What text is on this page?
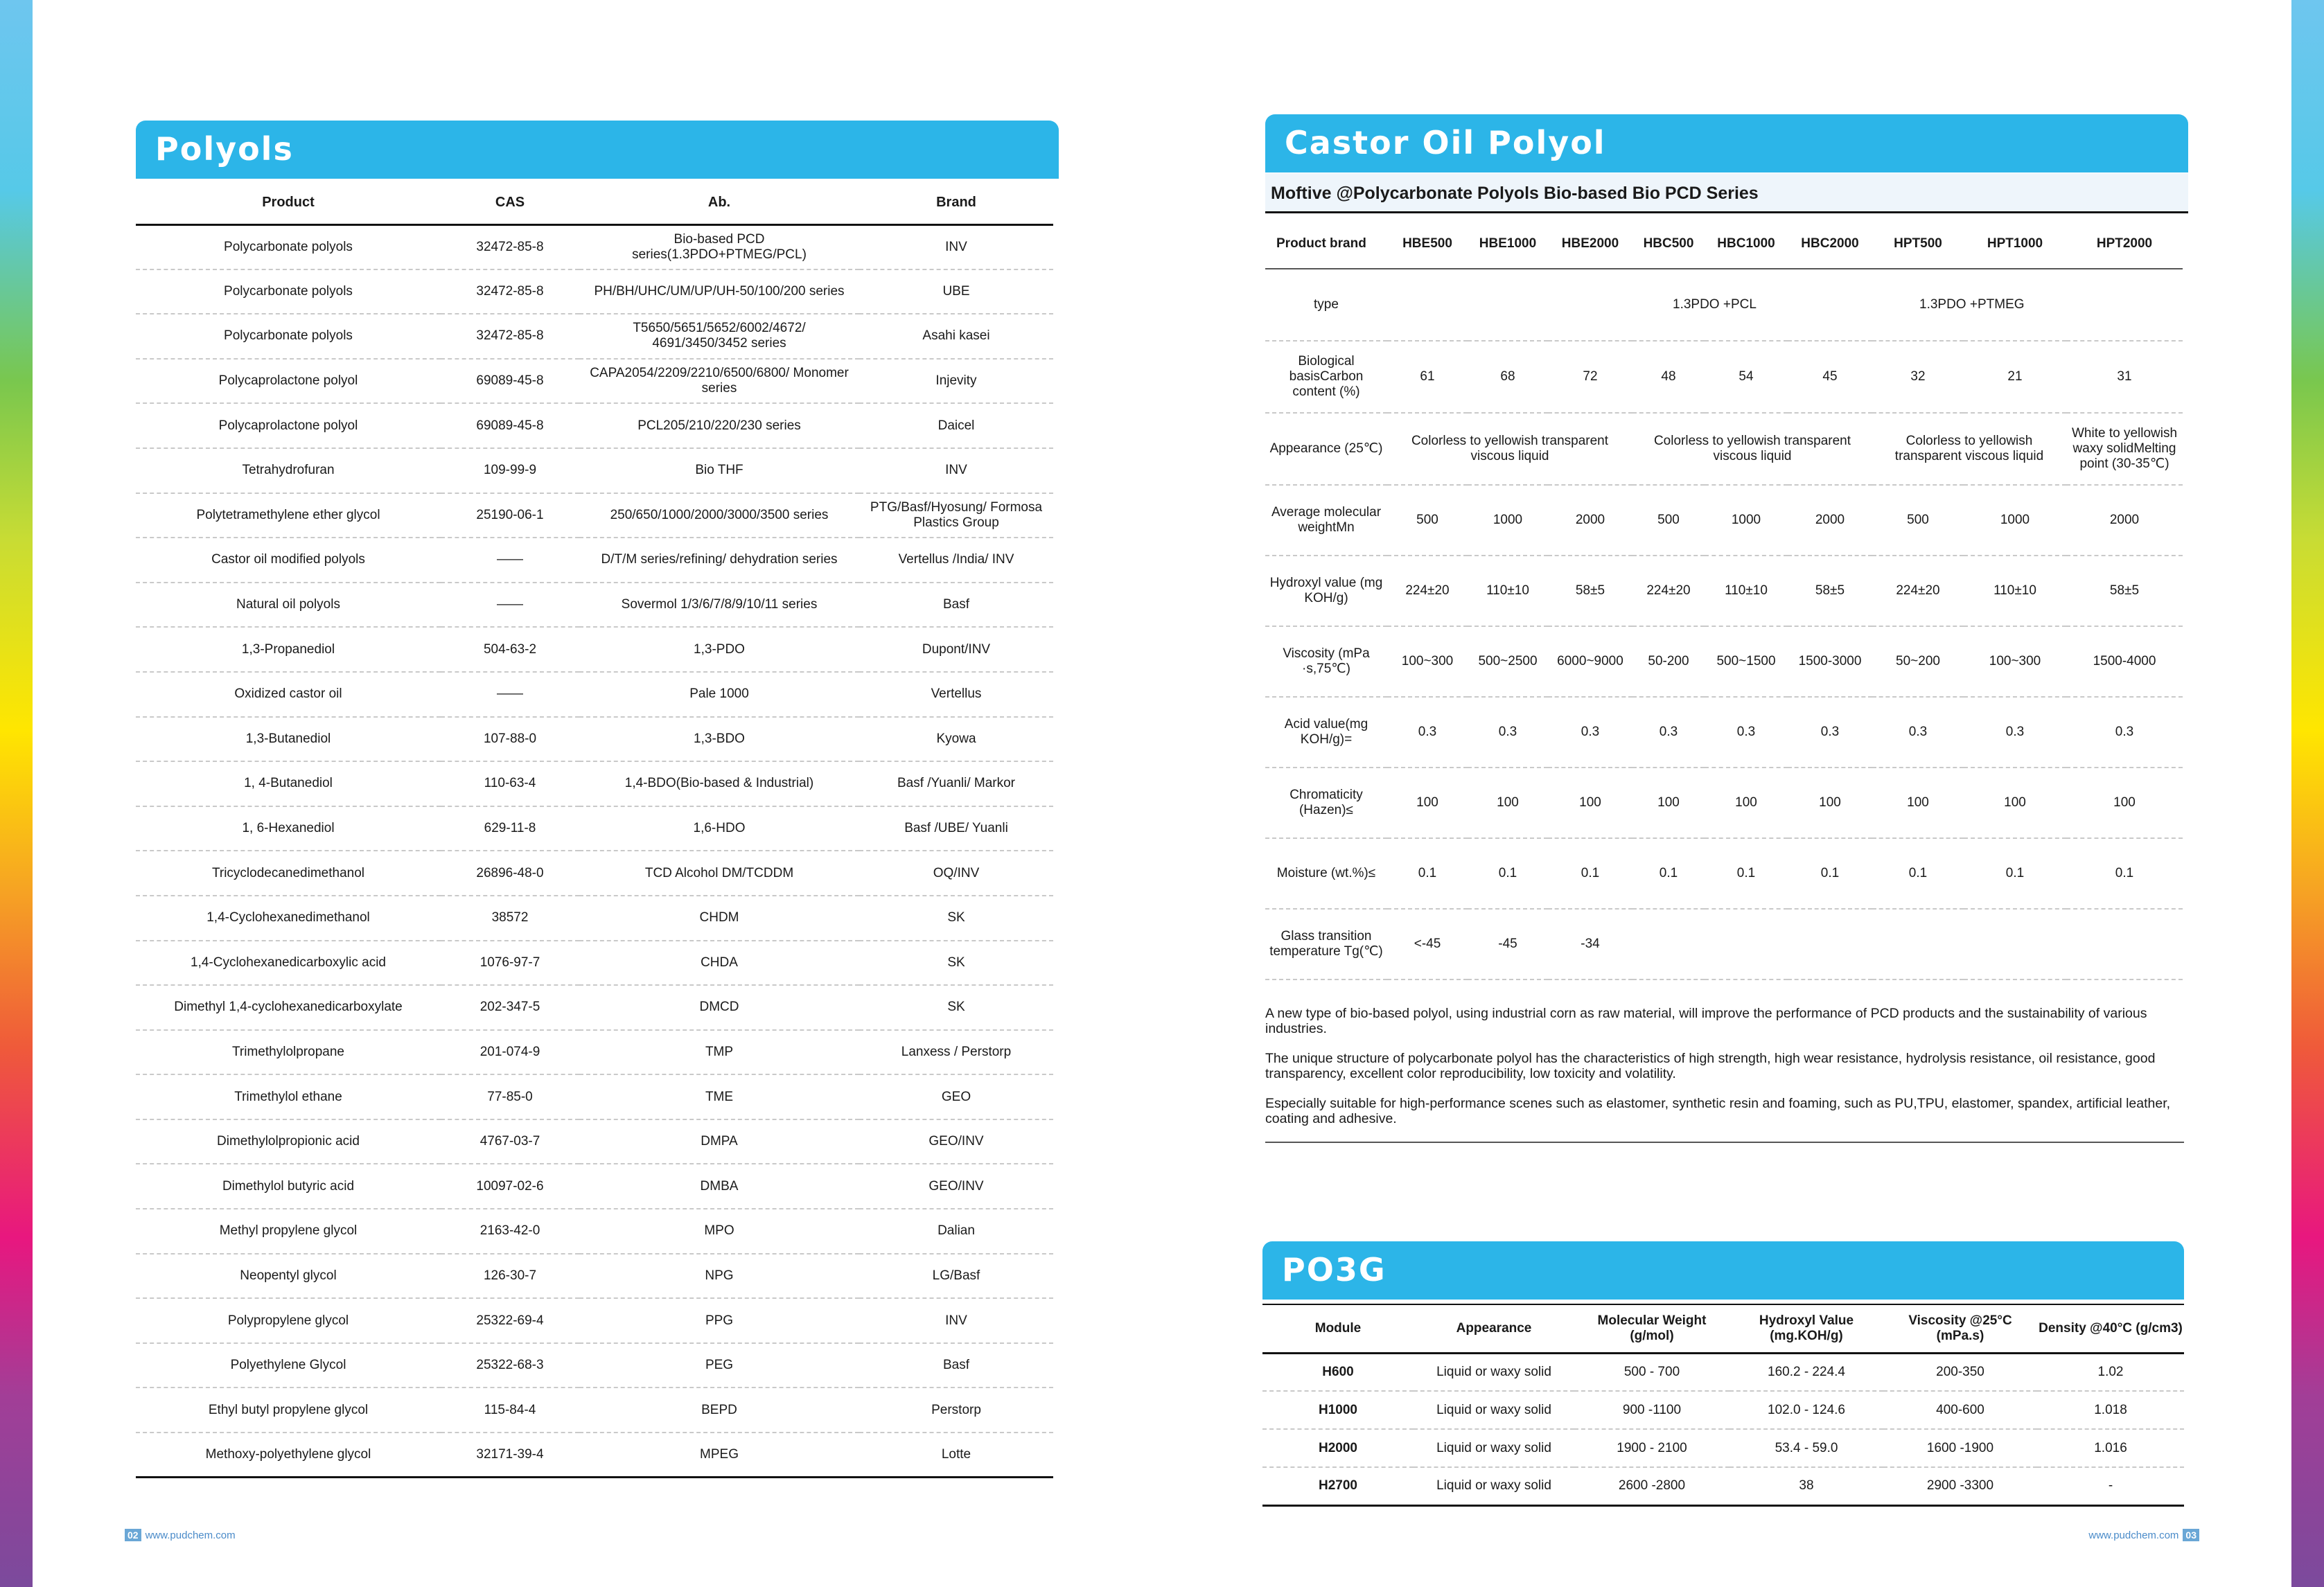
Polyols
Product	CAS	Ab.	Brand
Polycarbonate polyols	32472-85-8	Bio-based PCD series(1.3PDO+PTMEG/PCL)	INV
Polycarbonate polyols	32472-85-8	PH/BH/UHC/UM/UP/UH-50/100/200 series	UBE
Polycarbonate polyols	32472-85-8	T5650/5651/5652/6002/4672/ 4691/3450/3452 series	Asahi kasei
Polycaprolactone polyol	69089-45-8	CAPA2054/2209/2210/6500/6800/ Monomer series	Injevity
Polycaprolactone polyol	69089-45-8	PCL205/210/220/230 series	Daicel
Tetrahydrofuran	109-99-9	Bio THF	INV
Polytetramethylene ether glycol	25190-06-1	250/650/1000/2000/3000/3500 series	PTG/Basf/Hyosung/ Formosa Plastics Group
Castor oil modified polyols	——	D/T/M series/refining/ dehydration series	Vertellus /India/ INV
Natural oil polyols	——	Sovermol 1/3/6/7/8/9/10/11 series	Basf
1,3-Propanediol	504-63-2	1,3-PDO	Dupont/INV
Oxidized castor oil	——	Pale 1000	Vertellus
1,3-Butanediol	107-88-0	1,3-BDO	Kyowa
1, 4-Butanediol	110-63-4	1,4-BDO(Bio-based & Industrial)	Basf /Yuanli/ Markor
1, 6-Hexanediol	629-11-8	1,6-HDO	Basf /UBE/ Yuanli
Tricyclodecanedimethanol	26896-48-0	TCD Alcohol DM/TCDDM	OQ/INV
1,4-Cyclohexanedimethanol	38572	CHDM	SK
1,4-Cyclohexanedicarboxylic acid	1076-97-7	CHDA	SK
Dimethyl 1,4-cyclohexanedicarboxylate	202-347-5	DMCD	SK
Trimethylolpropane	201-074-9	TMP	Lanxess / Perstorp
Trimethylol ethane	77-85-0	TME	GEO
Dimethylolpropionic acid	4767-03-7	DMPA	GEO/INV
Dimethylol butyric acid	10097-02-6	DMBA	GEO/INV
Methyl propylene glycol	2163-42-0	MPO	Dalian
Neopentyl glycol	126-30-7	NPG	LG/Basf
Polypropylene glycol	25322-69-4	PPG	INV
Polyethylene Glycol	25322-68-3	PEG	Basf
Ethyl butyl propylene glycol	115-84-4	BEPD	Perstorp
Methoxy-polyethylene glycol	32171-39-4	MPEG	Lotte
Castor Oil Polyol
Moftive @Polycarbonate Polyols Bio-based Bio PCD Series
Product brand	HBE500	HBE1000	HBE2000	HBC500	HBC1000	HBC2000	HPT500	HPT1000	HPT2000
type				1.3PDO +PCL			1.3PDO +PTMEG		
Biological basisCarbon content (%)	61	68	72	48	54	45	32	21	31
Appearance (25℃)	Colorless to yellowish transparent viscous liquid			Colorless to yellowish transparent viscous liquid			Colorless to yellowish transparent viscous liquid		White to yellowish waxy solidMelting point (30-35℃)
Average molecular weightMn	500	1000	2000	500	1000	2000	500	1000	2000
Hydroxyl value (mg KOH/g)	224±20	110±10	58±5	224±20	110±10	58±5	224±20	110±10	58±5
Viscosity (mPa ·s,75℃)	100~300	500~2500	6000~9000	50-200	500~1500	1500-3000	50~200	100~300	1500-4000
Acid value(mg KOH/g)=	0.3	0.3	0.3	0.3	0.3	0.3	0.3	0.3	0.3
Chromaticity (Hazen)≤	100	100	100	100	100	100	100	100	100
Moisture (wt.%)≤	0.1	0.1	0.1	0.1	0.1	0.1	0.1	0.1	0.1
Glass transition temperature Tg(℃)	<-45	-45	-34						

A new type of bio-based polyol, using industrial corn as raw material, will improve the performance of PCD products and the sustainability of various industries.

The unique structure of polycarbonate polyol has the characteristics of high strength, high wear resistance, hydrolysis resistance, oil resistance, good transparency, excellent color reproducibility, low toxicity and volatility.

Especially suitable for high-performance scenes such as elastomer, synthetic resin and foaming, such as PU,TPU, elastomer, spandex, artificial leather, coating and adhesive.

PO3G
Module	Appearance	Molecular Weight (g/mol)	Hydroxyl Value (mg.KOH/g)	Viscosity @25°C (mPa.s)	Density @40°C (g/cm3)
H600	Liquid or waxy solid	500 - 700	160.2 - 224.4	200-350	1.02
H1000	Liquid or waxy solid	900 -1100	102.0 - 124.6	400-600	1.018
H2000	Liquid or waxy solid	1900 - 2100	53.4 - 59.0	1600 -1900	1.016
H2700	Liquid or waxy solid	2600 -2800	38	2900 -3300	-
02 www.pudchem.com	www.pudchem.com 03
